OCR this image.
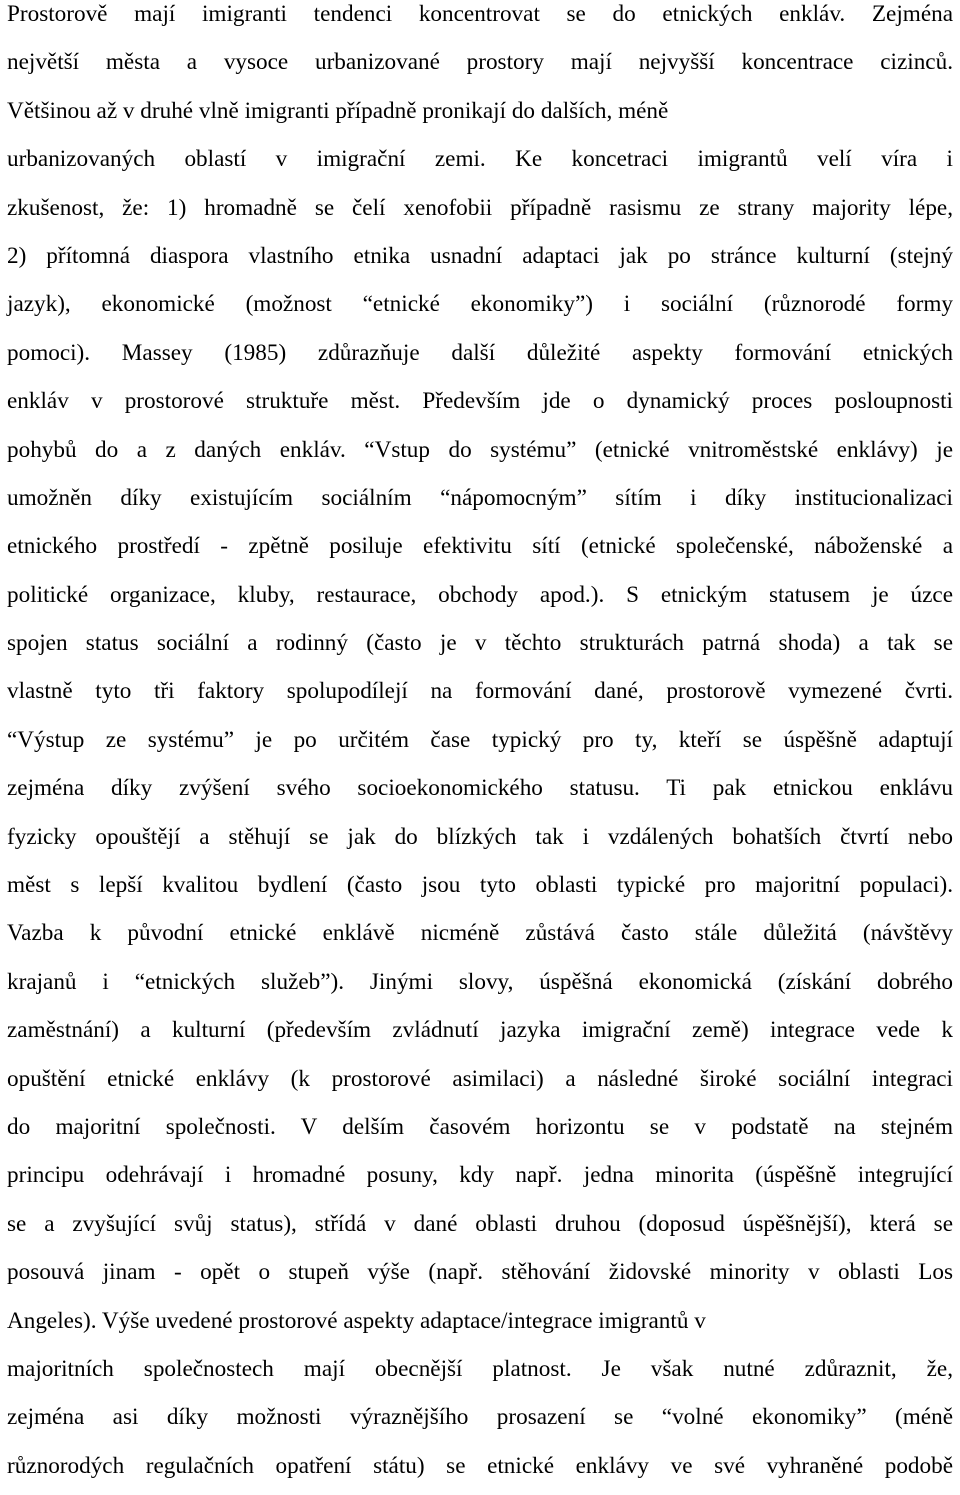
Prostorově mají imigranti tendenci koncentrovat se do etnických enkláv. Zejména
největší města a vysoce urbanizované prostory mají nejvyšší koncentrace cizinců.
Většinou až v druhé vlně imigranti případně pronikají do dalších, méně
urbanizovaných oblastí v imigrační zemi. Ke koncetraci imigrantů velí víra i
zkušenost, že: 1) hromadně se čelí xenofobii případně rasismu ze strany majority lépe,
2) přítomná diaspora vlastního etnika usnadní adaptaci jak po stránce kulturní (stejný
jazyk), ekonomické (možnost “etnické ekonomiky”) i sociální (různorodé formy
pomoci). Massey (1985) zdůrazňuje další důležité aspekty formování etnických
enkláv v prostorové struktuře měst. Především jde o dynamický proces posloupnosti
pohybů do a z daných enkláv. “Vstup do systému” (etnické vnitroměstské enklávy) je
umožněn díky existujícím sociálním “nápomocným” sítím i díky institucionalizaci
etnického prostředí - zpětně posiluje efektivitu sítí (etnické společenské, náboženské a
politické organizace, kluby, restaurace, obchody apod.). S etnickým statusem je úzce
spojen status sociální a rodinný (často je v těchto strukturách patrná shoda) a tak se
vlastně tyto tři faktory spolupodílejí na formování dané, prostorově vymezené čvrti.
“Výstup ze systému” je po určitém čase typický pro ty, kteří se úspěšně adaptují
zejména díky zvýšení svého socioekonomického statusu. Ti pak etnickou enklávu
fyzicky opouštějí a stěhují se jak do blízkých tak i vzdálených bohatších čtvrtí nebo
měst s lepší kvalitou bydlení (často jsou tyto oblasti typické pro majoritní populaci).
Vazba k původní etnické enklávě nicméně zůstává často stále důležitá (návštěvy
krajanů i “etnických služeb”). Jinými slovy, úspěšná ekonomická (získání dobrého
zaměstnání) a kulturní (především zvládnutí jazyka imigrační země) integrace vede k
opuštění etnické enklávy (k prostorové asimilaci) a následné široké sociální integraci
do majoritní společnosti. V delším časovém horizontu se v podstatě na stejném
principu odehrávají i hromadné posuny, kdy např. jedna minorita (úspěšně integrující
se a zvyšující svůj status), střídá v dané oblasti druhou (doposud úspěšnější), která se
posouvá jinam - opět o stupeň výše (např. stěhování židovské minority v oblasti Los
Angeles). Výše uvedené prostorové aspekty adaptace/integrace imigrantů v
majoritních společnostech mají obecnější platnost. Je však nutné zdůraznit, že,
zejména asi díky možnosti výraznějšího prosazení se “volné ekonomiky” (méně
různorodých regulačních opatření státu) se etnické enklávy ve své vyhraněné podobě
